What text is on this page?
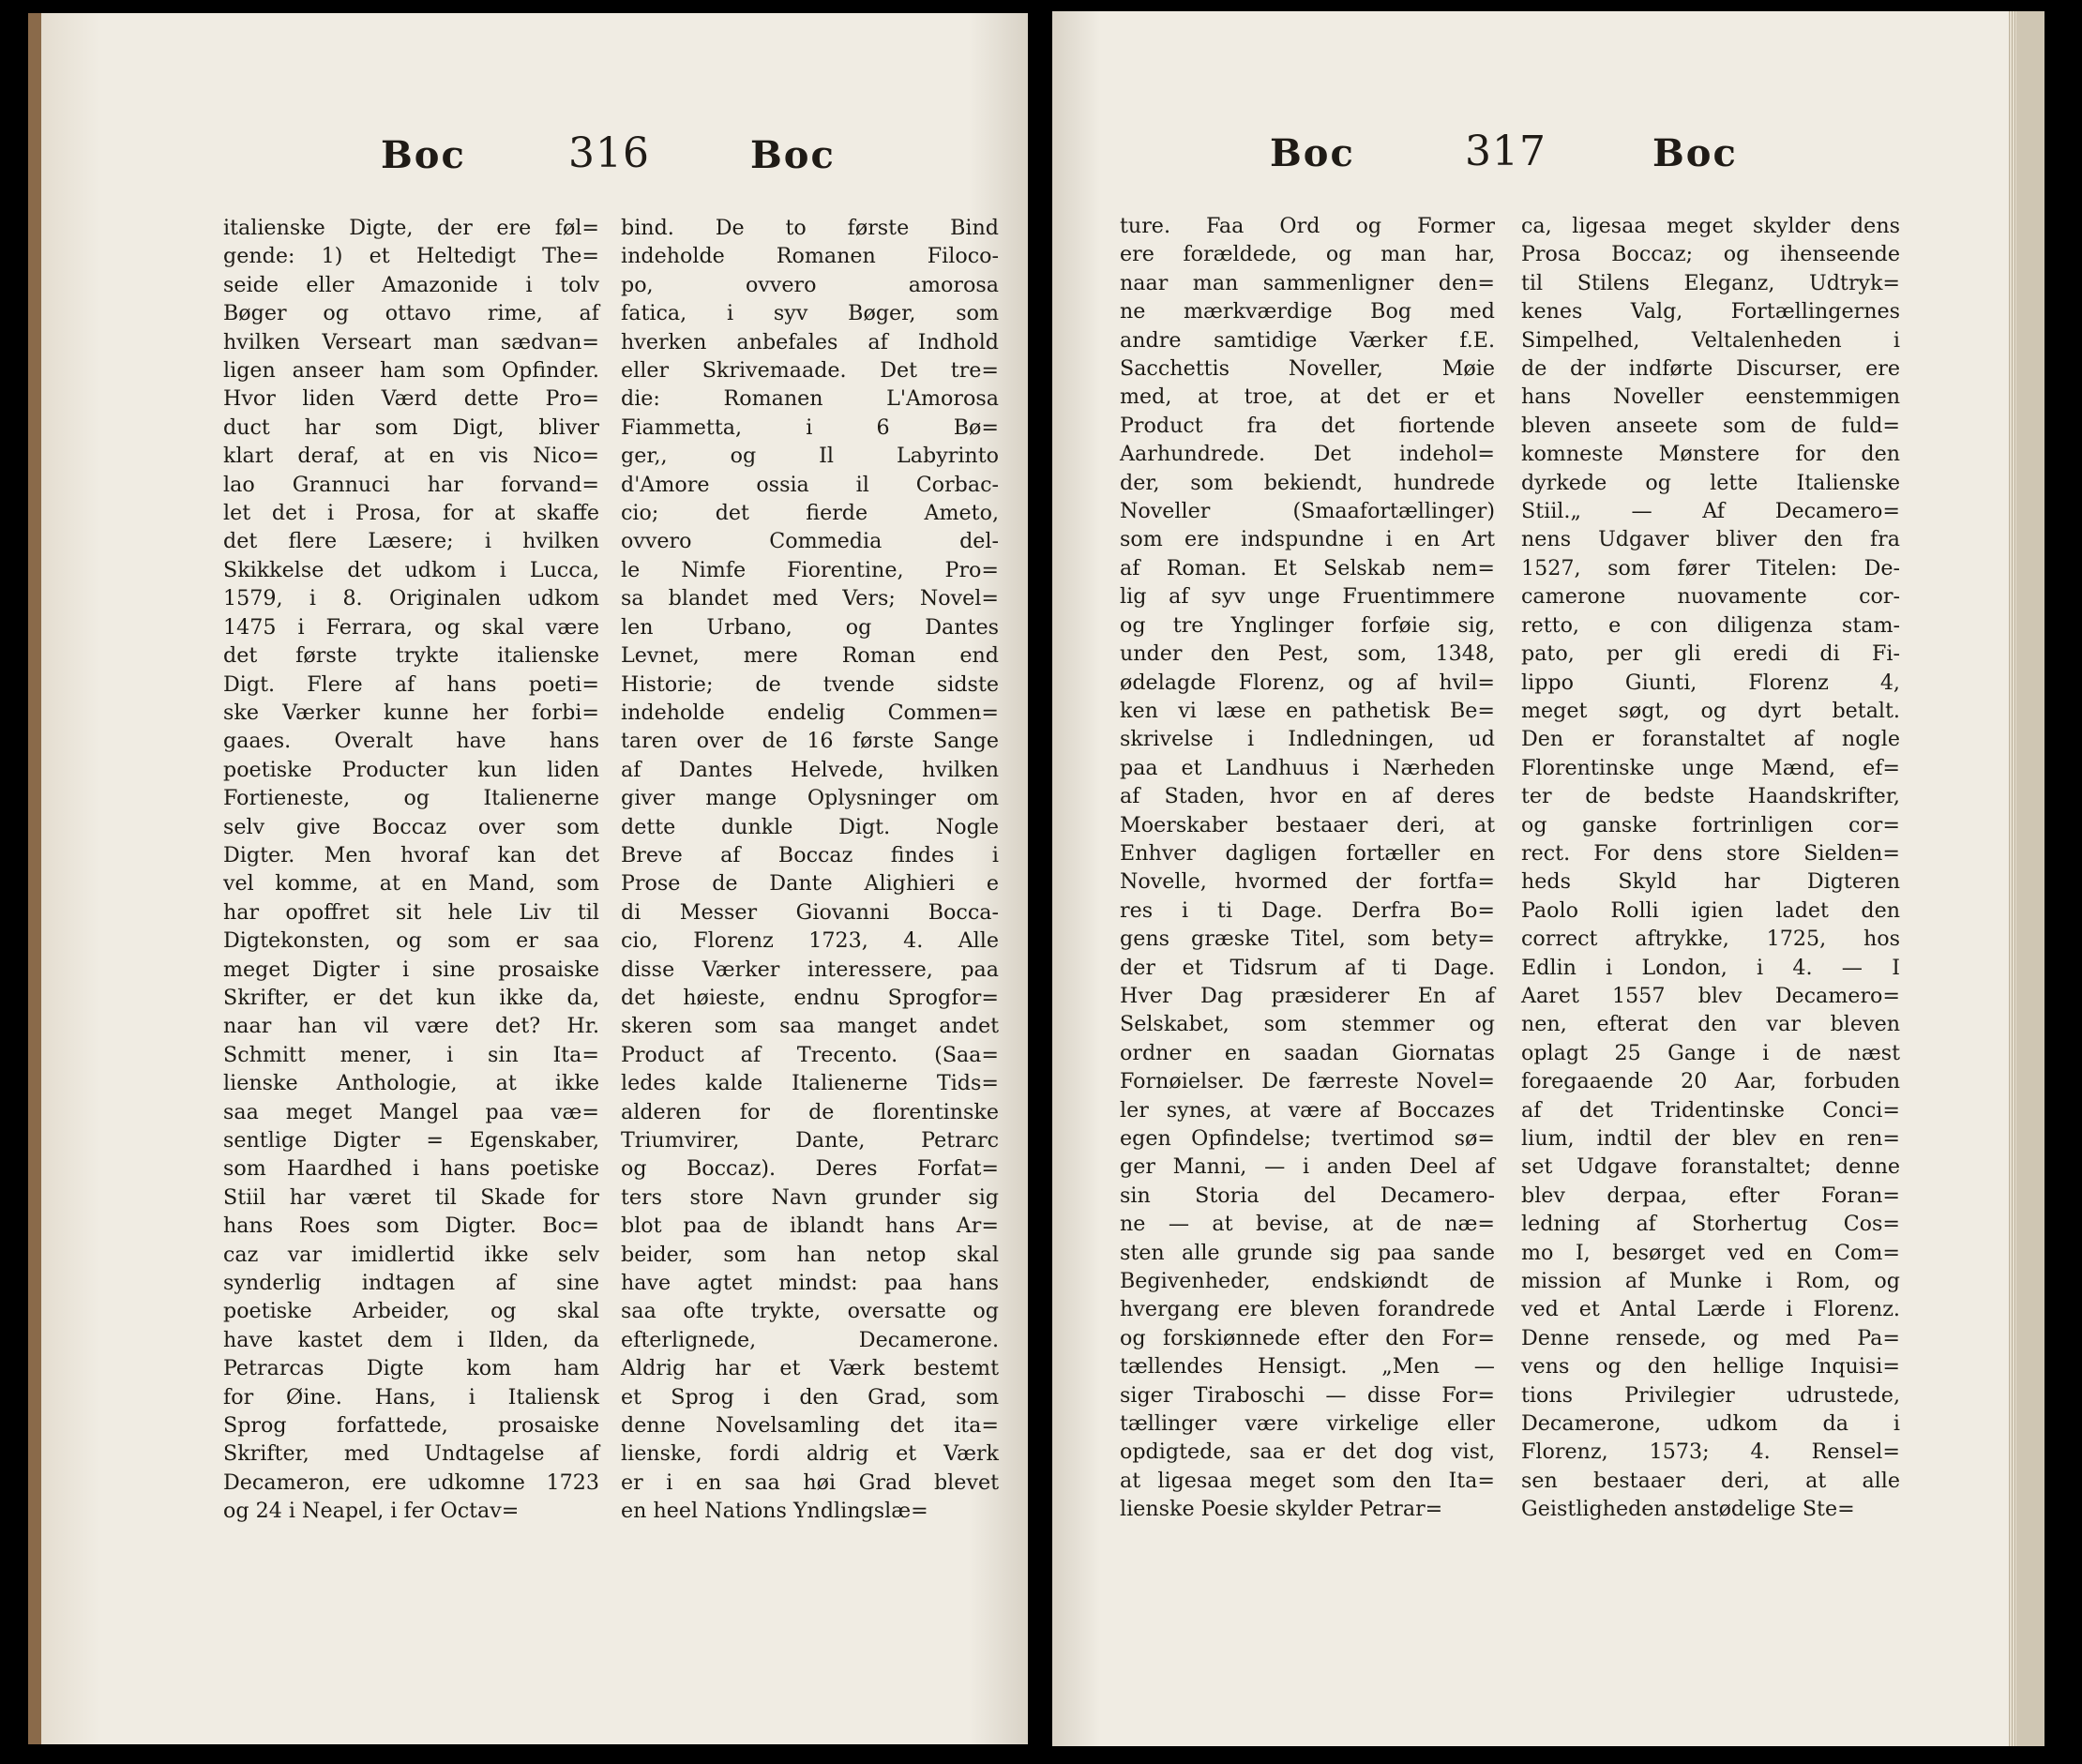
Boc 316	Boc
italienske Digte, der ere føl=
gende: 1) et Heltedigt The=
seide eller Amazonide i tolv
Bøger og ottavo rime, af
hvilken Verseart man sædvan=
ligen anseer ham som Opfinder.
Hvor liden Værd dette Pro=
duct har som Digt, bliver
klart deraf, at en vis Nico=
lao Grannuci har forvand=
let det i Prosa, for at skaffe
det flere Læsere; i hvilken
Skikkelse det udkom i Lucca,
1579, i 8. Originalen udkom
1475 i Ferrara, og skal være
det første trykte italienske
Digt. Flere af hans poeti=
ske Værker kunne her forbi=
gaaes. Overalt have hans
poetiske Producter kun liden
Fortieneste, og Italienerne
selv give Boccaz over som
Digter. Men hvoraf kan det
vel komme, at en Mand, som
har opoffret sit hele Liv til
Digtekonsten, og som er saa
meget Digter i sine prosaiske
Skrifter, er det kun ikke da,
naar han vil være det? Hr.
Schmitt mener, i sin Ita=
lienske Anthologie, at ikke
saa meget Mangel paa væ=
sentlige Digter = Egenskaber,
som Haardhed i hans poetiske
Stiil har været til Skade for
hans Roes som Digter. Boc=
caz var imidlertid ikke selv
synderlig indtagen af sine
poetiske Arbeider, og skal
have kastet dem i Ilden, da
Petrarcas Digte kom ham
for Øine. Hans, i Italiensk
Sprog forfattede, prosaiske
Skrifter, med Undtagelse af
Decameron, ere udkomne 1723
og 24 i Neapel, i fer Octav=
bind. De to første Bind
indeholde Romanen Filoco-
po, ovvero amorosa
fatica, i syv Bøger, som
hverken anbefales af Indhold
eller Skrivemaade. Det tre=
die: Romanen L'Amorosa
Fiammetta, i 6 Bø=
ger,, og Il Labyrinto
d'Amore ossia il Corbac-
cio; det fierde Ameto,
ovvero Commedia del-
le Nimfe Fiorentine, Pro=
sa blandet med Vers; Novel=
len Urbano, og Dantes
Levnet, mere Roman end
Historie; de tvende sidste
indeholde endelig Commen=
taren over de 16 første Sange
af Dantes Helvede, hvilken
giver mange Oplysninger om
dette dunkle Digt. Nogle
Breve af Boccaz findes i
Prose de Dante Alighieri e
di Messer Giovanni Bocca-
cio, Florenz 1723, 4. Alle
disse Værker interessere, paa
det høieste, endnu Sprogfor=
skeren som saa manget andet
Product af Trecento. (Saa=
ledes kalde Italienerne Tids=
alderen for de florentinske
Triumvirer, Dante, Petrarc
og Boccaz). Deres Forfat=
ters store Navn grunder sig
blot paa de iblandt hans Ar=
beider, som han netop skal
have agtet mindst: paa hans
saa ofte trykte, oversatte og
efterlignede, Decamerone.
Aldrig har et Værk bestemt
et Sprog i den Grad, som
denne Novelsamling det ita=
lienske, fordi aldrig et Værk
er i en saa høi Grad blevet
en heel Nations Yndlingslæ=
Boc	317	Boc
ture. Faa Ord og Former
ere forældede, og man har,
naar man sammenligner den=
ne mærkværdige Bog med
andre samtidige Værker f.E.
Sacchettis Noveller, Møie
med, at troe, at det er et
Product fra det fiortende
Aarhundrede. Det indehol=
der, som bekiendt, hundrede
Noveller (Smaafortællinger)
som ere indspundne i en Art
af Roman. Et Selskab nem=
lig af syv unge Fruentimmere
og tre Ynglinger forføie sig,
under den Pest, som, 1348,
ødelagde Florenz, og af hvil=
ken vi læse en pathetisk Be=
skrivelse i Indledningen, ud
paa et Landhuus i Nærheden
af Staden, hvor en af deres
Moerskaber bestaaer deri, at
Enhver dagligen fortæller en
Novelle, hvormed der fortfa=
res i ti Dage. Derfra Bo=
gens græske Titel, som bety=
der et Tidsrum af ti Dage.
Hver Dag præsiderer En af
Selskabet, som stemmer og
ordner en saadan Giornatas
Fornøielser. De færreste Novel=
ler synes, at være af Boccazes
egen Opfindelse; tvertimod sø=
ger Manni, — i anden Deel af
sin Storia del Decamero-
ne — at bevise, at de næ=
sten alle grunde sig paa sande
Begivenheder, endskiøndt de
hvergang ere bleven forandrede
og forskiønnede efter den For=
tællendes Hensigt. „Men —
siger Tiraboschi — disse For=
tællinger være virkelige eller
opdigtede, saa er det dog vist,
at ligesaa meget som den Ita=
lienske Poesie skylder Petrar=
ca, ligesaa meget skylder dens
Prosa Boccaz; og ihenseende
til Stilens Eleganz, Udtryk=
kenes Valg, Fortællingernes
Simpelhed, Veltalenheden i
de der indførte Discurser, ere
hans Noveller eenstemmigen
bleven anseete som de fuld=
komneste Mønstere for den
dyrkede og lette Italienske
Stiil.„ — Af Decamero=
nens Udgaver bliver den fra
1527, som fører Titelen: De-
camerone nuovamente cor-
retto, e con diligenza stam-
pato, per gli eredi di Fi-
lippo Giunti, Florenz 4,
meget søgt, og dyrt betalt.
Den er foranstaltet af nogle
Florentinske unge Mænd, ef=
ter de bedste Haandskrifter,
og ganske fortrinligen cor=
rect. For dens store Sielden=
heds Skyld har Digteren
Paolo Rolli igien ladet den
correct aftrykke, 1725, hos
Edlin i London, i 4. — I
Aaret 1557 blev Decamero=
nen, efterat den var bleven
oplagt 25 Gange i de næst
foregaaende 20 Aar, forbuden
af det Tridentinske Conci=
lium, indtil der blev en ren=
set Udgave foranstaltet; denne
blev derpaa, efter Foran=
ledning af Storhertug Cos=
mo I, besørget ved en Com=
mission af Munke i Rom, og
ved et Antal Lærde i Florenz.
Denne rensede, og med Pa=
vens og den hellige Inquisi=
tions Privilegier udrustede,
Decamerone, udkom da i
Florenz, 1573; 4. Rensel=
sen bestaaer deri, at alle
Geistligheden anstødelige Ste=
